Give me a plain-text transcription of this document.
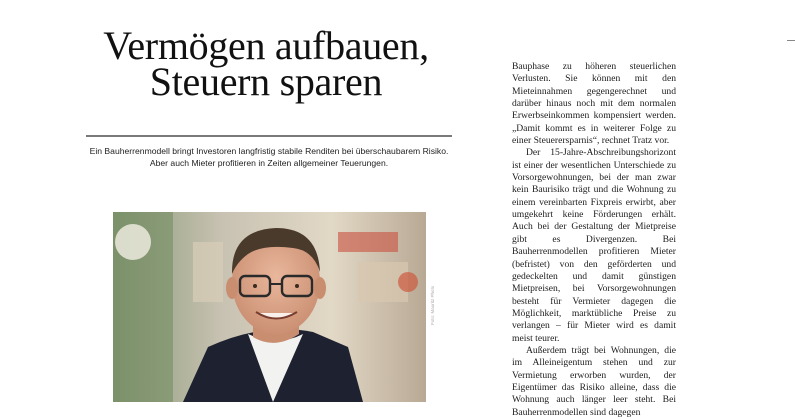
Vermögen aufbauen,
Steuern sparen
Ein Bauherrenmodell bringt Investoren langfristig stabile Renditen bei überschaubarem Risiko. Aber auch Mieter profitieren in Zeiten allgemeiner Teuerungen.
Foto: Mauritz Photo

Bauphase zu höheren steuerlichen Verlusten. Sie können mit den Mieteinnahmen gegengerechnet und darüber hinaus noch mit dem normalen Erwerbseinkommen kompensiert werden. „Damit kommt es in weiterer Folge zu einer Steuerersparnis“, rechnet Tratz vor.

Der 15-Jahre-Abschreibungshorizont ist einer der wesentlichen Unterschiede zu Vorsorgewohnungen, bei der man zwar kein Baurisiko trägt und die Wohnung zu einem vereinbarten Fixpreis erwirbt, aber umgekehrt keine Förderungen erhält. Auch bei der Gestaltung der Mietpreise gibt es Divergenzen. Bei Bauherrenmodellen profitieren Mieter (befristet) von den geförderten und gedeckelten und damit günstigen Mietpreisen, bei Vorsorgewohnungen besteht für Vermieter dagegen die Möglichkeit, marktübliche Preise zu verlangen – für Mieter wird es damit meist teurer.

Außerdem trägt bei Wohnungen, die im Alleineigentum stehen und zur Vermietung erworben wurden, der Eigentümer das Risiko alleine, dass die Wohnung auch länger leer steht. Bei Bauherrenmodellen sind dagegen
